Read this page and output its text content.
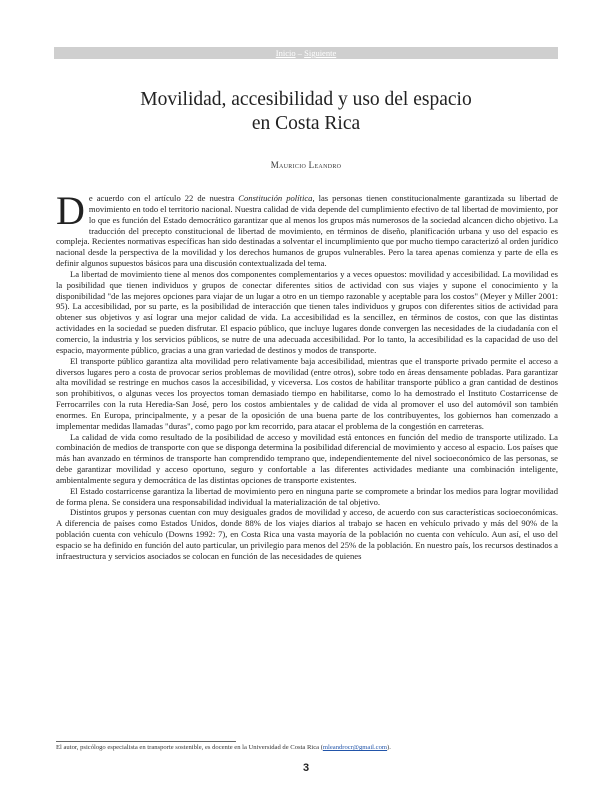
Inicio – Siguiente
Movilidad, accesibilidad y uso del espacio
en Costa Rica
Mauricio Leandro

De acuerdo con el artículo 22 de nuestra Constitución política, las personas tienen constitucionalmente garantizada su libertad de movimiento en todo el territorio nacional. Nuestra calidad de vida depende del cumplimiento efectivo de tal libertad de movimiento, por lo que es función del Estado democrático garantizar que al menos los grupos más numerosos de la sociedad alcancen dicho objetivo. La traducción del precepto constitucional de libertad de movimiento, en términos de diseño, planificación urbana y uso del espacio es compleja. Recientes normativas específicas han sido destinadas a solventar el incumplimiento que por mucho tiempo caracterizó al orden jurídico nacional desde la perspectiva de la movilidad y los derechos humanos de grupos vulnerables. Pero la tarea apenas comienza y parte de ella es definir algunos supuestos básicos para una discusión contextualizada del tema.

La libertad de movimiento tiene al menos dos componentes complementarios y a veces opuestos: movilidad y accesibilidad. La movilidad es la posibilidad que tienen individuos y grupos de conectar diferentes sitios de actividad con sus viajes y supone el conocimiento y la disponibilidad "de las mejores opciones para viajar de un lugar a otro en un tiempo razonable y aceptable para los costos" (Meyer y Miller 2001: 95). La accesibilidad, por su parte, es la posibilidad de interacción que tienen tales individuos y grupos con diferentes sitios de actividad para obtener sus objetivos y así lograr una mejor calidad de vida. La accesibilidad es la sencillez, en términos de costos, con que las distintas actividades en la sociedad se pueden disfrutar. El espacio público, que incluye lugares donde convergen las necesidades de la ciudadanía con el comercio, la industria y los servicios públicos, se nutre de una adecuada accesibilidad. Por lo tanto, la accesibilidad es la capacidad de uso del espacio, mayormente público, gracias a una gran variedad de destinos y modos de transporte.

El transporte público garantiza alta movilidad pero relativamente baja accesibilidad, mientras que el transporte privado permite el acceso a diversos lugares pero a costa de provocar serios problemas de movilidad (entre otros), sobre todo en áreas densamente pobladas. Para garantizar alta movilidad se restringe en muchos casos la accesibilidad, y viceversa. Los costos de habilitar transporte público a gran cantidad de destinos son prohibitivos, o algunas veces los proyectos toman demasiado tiempo en habilitarse, como lo ha demostrado el Instituto Costarricense de Ferrocarriles con la ruta Heredia-San José, pero los costos ambientales y de calidad de vida al promover el uso del automóvil son también enormes. En Europa, principalmente, y a pesar de la oposición de una buena parte de los contribuyentes, los gobiernos han comenzado a implementar medidas llamadas "duras", como pago por km recorrido, para atacar el problema de la congestión en carreteras.

La calidad de vida como resultado de la posibilidad de acceso y movilidad está entonces en función del medio de transporte utilizado. La combinación de medios de transporte con que se disponga determina la posibilidad diferencial de movimiento y acceso al espacio. Los países que más han avanzado en términos de transporte han comprendido temprano que, independientemente del nivel socioeconómico de las personas, se debe garantizar movilidad y acceso oportuno, seguro y confortable a las diferentes actividades mediante una combinación inteligente, ambientalmente segura y democrática de las distintas opciones de transporte existentes.

El Estado costarricense garantiza la libertad de movimiento pero en ninguna parte se compromete a brindar los medios para lograr movilidad de forma plena. Se considera una responsabilidad individual la materialización de tal objetivo.

Distintos grupos y personas cuentan con muy desiguales grados de movilidad y acceso, de acuerdo con sus características socioeconómicas. A diferencia de países como Estados Unidos, donde 88% de los viajes diarios al trabajo se hacen en vehículo privado y más del 90% de la población cuenta con vehículo (Downs 1992: 7), en Costa Rica una vasta mayoría de la población no cuenta con vehículo. Aun así, el uso del espacio se ha definido en función del auto particular, un privilegio para menos del 25% de la población. En nuestro país, los recursos destinados a infraestructura y servicios asociados se colocan en función de las necesidades de quienes

El autor, psicólogo especialista en transporte sostenible, es docente en la Universidad de Costa Rica (mleandrocr@gmail.com).
3
